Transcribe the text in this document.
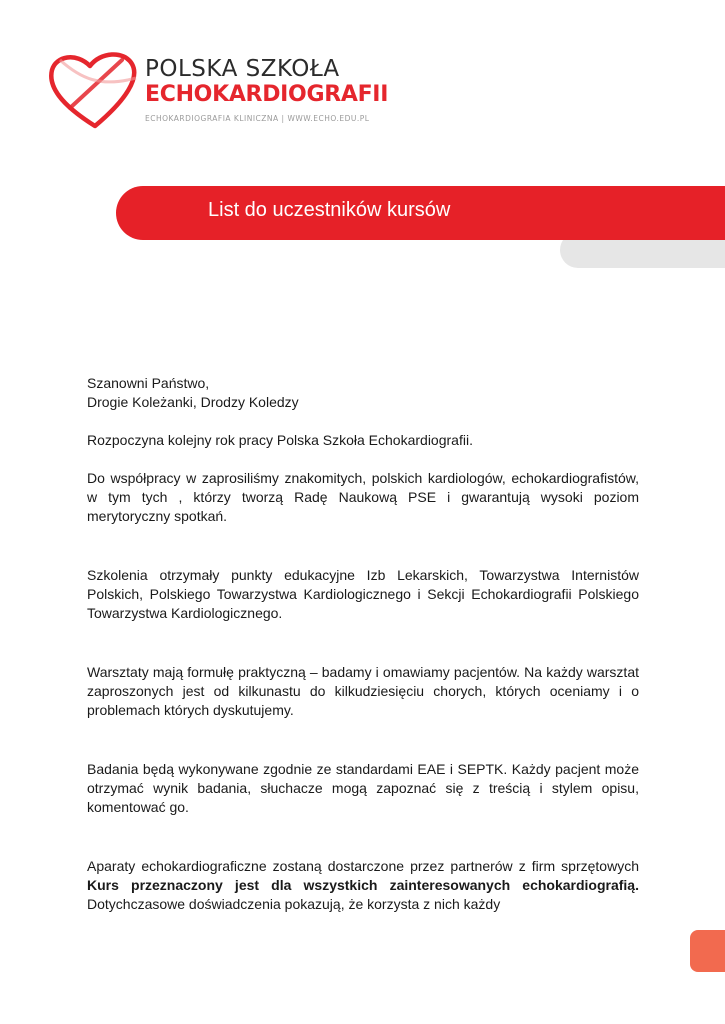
POLSKA SZKOŁA
ECHOKARDIOGRAFII
ECHOKARDIOGRAFIA KLINICZNA | WWW.ECHO.EDU.PL
List do uczestników kursów

Szanowni Państwo,

Drogie Koleżanki, Drodzy Koledzy

Rozpoczyna kolejny rok pracy Polska Szkoła Echokardiografii.

Do współpracy w zaprosiliśmy znakomitych, polskich kardiologów, echokardiografistów, w tym tych , którzy tworzą Radę Naukową PSE i gwarantują wysoki poziom merytoryczny spotkań.

Szkolenia otrzymały punkty edukacyjne Izb Lekarskich, Towarzystwa Internistów Polskich, Polskiego Towarzystwa Kardiologicznego i Sekcji Echokardiografii Polskiego Towarzystwa Kardiologicznego.

Warsztaty mają formułę praktyczną – badamy i omawiamy pacjentów. Na każdy warsztat zaproszonych jest od kilkunastu do kilkudziesięciu chorych, których oceniamy i o problemach których dyskutujemy.

Badania będą wykonywane zgodnie ze standardami EAE i SEPTK. Każdy pacjent może otrzymać wynik badania, słuchacze mogą zapoznać się z treścią i stylem opisu, komentować go.

Aparaty echokardiograficzne zostaną dostarczone przez partnerów z firm sprzętowych Kurs przeznaczony jest dla wszystkich zainteresowanych echokardiografią. Dotychczasowe doświadczenia pokazują, że korzysta z nich każdy
